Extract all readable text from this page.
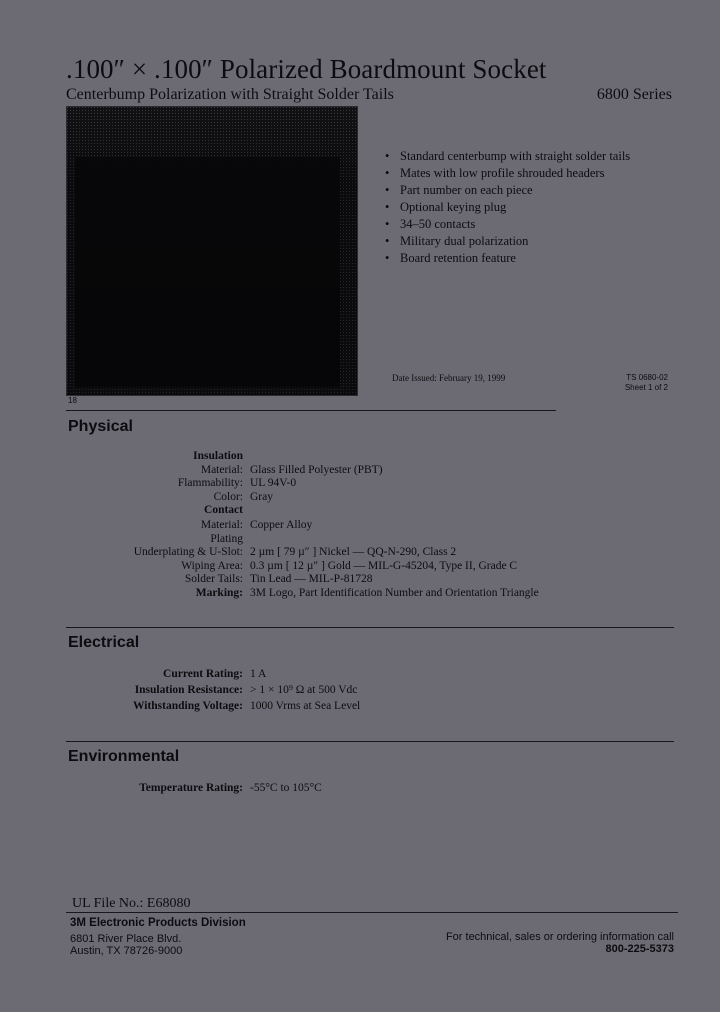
.100″ × .100″ Polarized Boardmount Socket
Centerbump Polarization with Straight Solder Tails	6800 Series
18
• Standard centerbump with straight solder tails
• Mates with low profile shrouded headers
• Part number on each piece
• Optional keying plug
• 34–50 contacts
• Military dual polarization
• Board retention feature
Date Issued: February 19, 1999	TS 0680-02
Sheet 1 of 2
Physical
Insulation
Material:
Flammability:
Color:
Contact
Material:
Plating
Underplating & U-Slot:
Wiping Area:
Solder Tails:
Marking:
Glass Filled Polyester (PBT)
UL 94V-0
Gray
Copper Alloy
2 µm [ 79 µ″ ] Nickel — QQ-N-290, Class 2
0.3 µm [ 12 µ″ ] Gold — MIL-G-45204, Type II, Grade C
Tin Lead — MIL-P-81728
3M Logo, Part Identification Number and Orientation Triangle
Electrical
Current Rating:
Insulation Resistance:
Withstanding Voltage:
1 A
> 1 × 10⁹ Ω at 500 Vdc
1000 Vrms at Sea Level
Environmental
Temperature Rating: -55°C to 105°C
UL File No.: E68080
3M Electronic Products Division
6801 River Place Blvd.
Austin, TX 78726-9000
For technical, sales or ordering information call
800-225-5373
